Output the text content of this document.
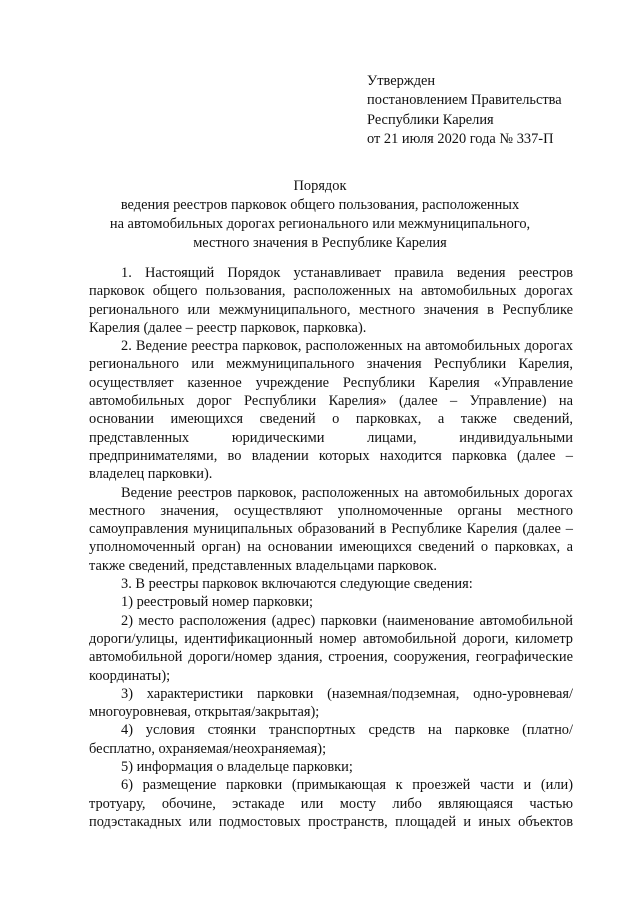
Утвержден
постановлением Правительства
Республики Карелия
от 21 июля 2020 года № 337-П
Порядок
ведения реестров парковок общего пользования, расположенных
на автомобильных дорогах регионального или межмуниципального,
местного значения в Республике Карелия

1. Настоящий Порядок устанавливает правила ведения реестров парковок общего пользования, расположенных на автомобильных дорогах регионального или межмуниципального, местного значения в Республике Карелия (далее – реестр парковок, парковка).

2. Ведение реестра парковок, расположенных на автомобильных дорогах регионального или межмуниципального значения Республики Карелия, осуществляет казенное учреждение Республики Карелия «Управление автомобильных дорог Республики Карелия» (далее – Управление) на основании имеющихся сведений о парковках, а также сведений, представленных юридическими лицами, индивидуальными предпринимателями, во владении которых находится парковка (далее – владелец парковки).

Ведение реестров парковок, расположенных на автомобильных дорогах местного значения, осуществляют уполномоченные органы местного самоуправления муниципальных образований в Республике Карелия (далее – уполномоченный орган) на основании имеющихся сведений о парковках, а также сведений, представленных владельцами парковок.

3. В реестры парковок включаются следующие сведения:

1) реестровый номер парковки;

2) место расположения (адрес) парковки (наименование автомобильной дороги/улицы, идентификационный номер автомобильной дороги, километр автомобильной дороги/номер здания, строения, сооружения, географические координаты);

3) характеристики парковки (наземная/подземная, одно-уровневая/многоуровневая, открытая/закрытая);

4) условия стоянки транспортных средств на парковке (платно/бесплатно, охраняемая/неохраняемая);

5) информация о владельце парковки;

6) размещение парковки (примыкающая к проезжей части и (или) тротуару, обочине, эстакаде или мосту либо являющаяся частью подэстакадных или подмостовых пространств, площадей и иных объектов
